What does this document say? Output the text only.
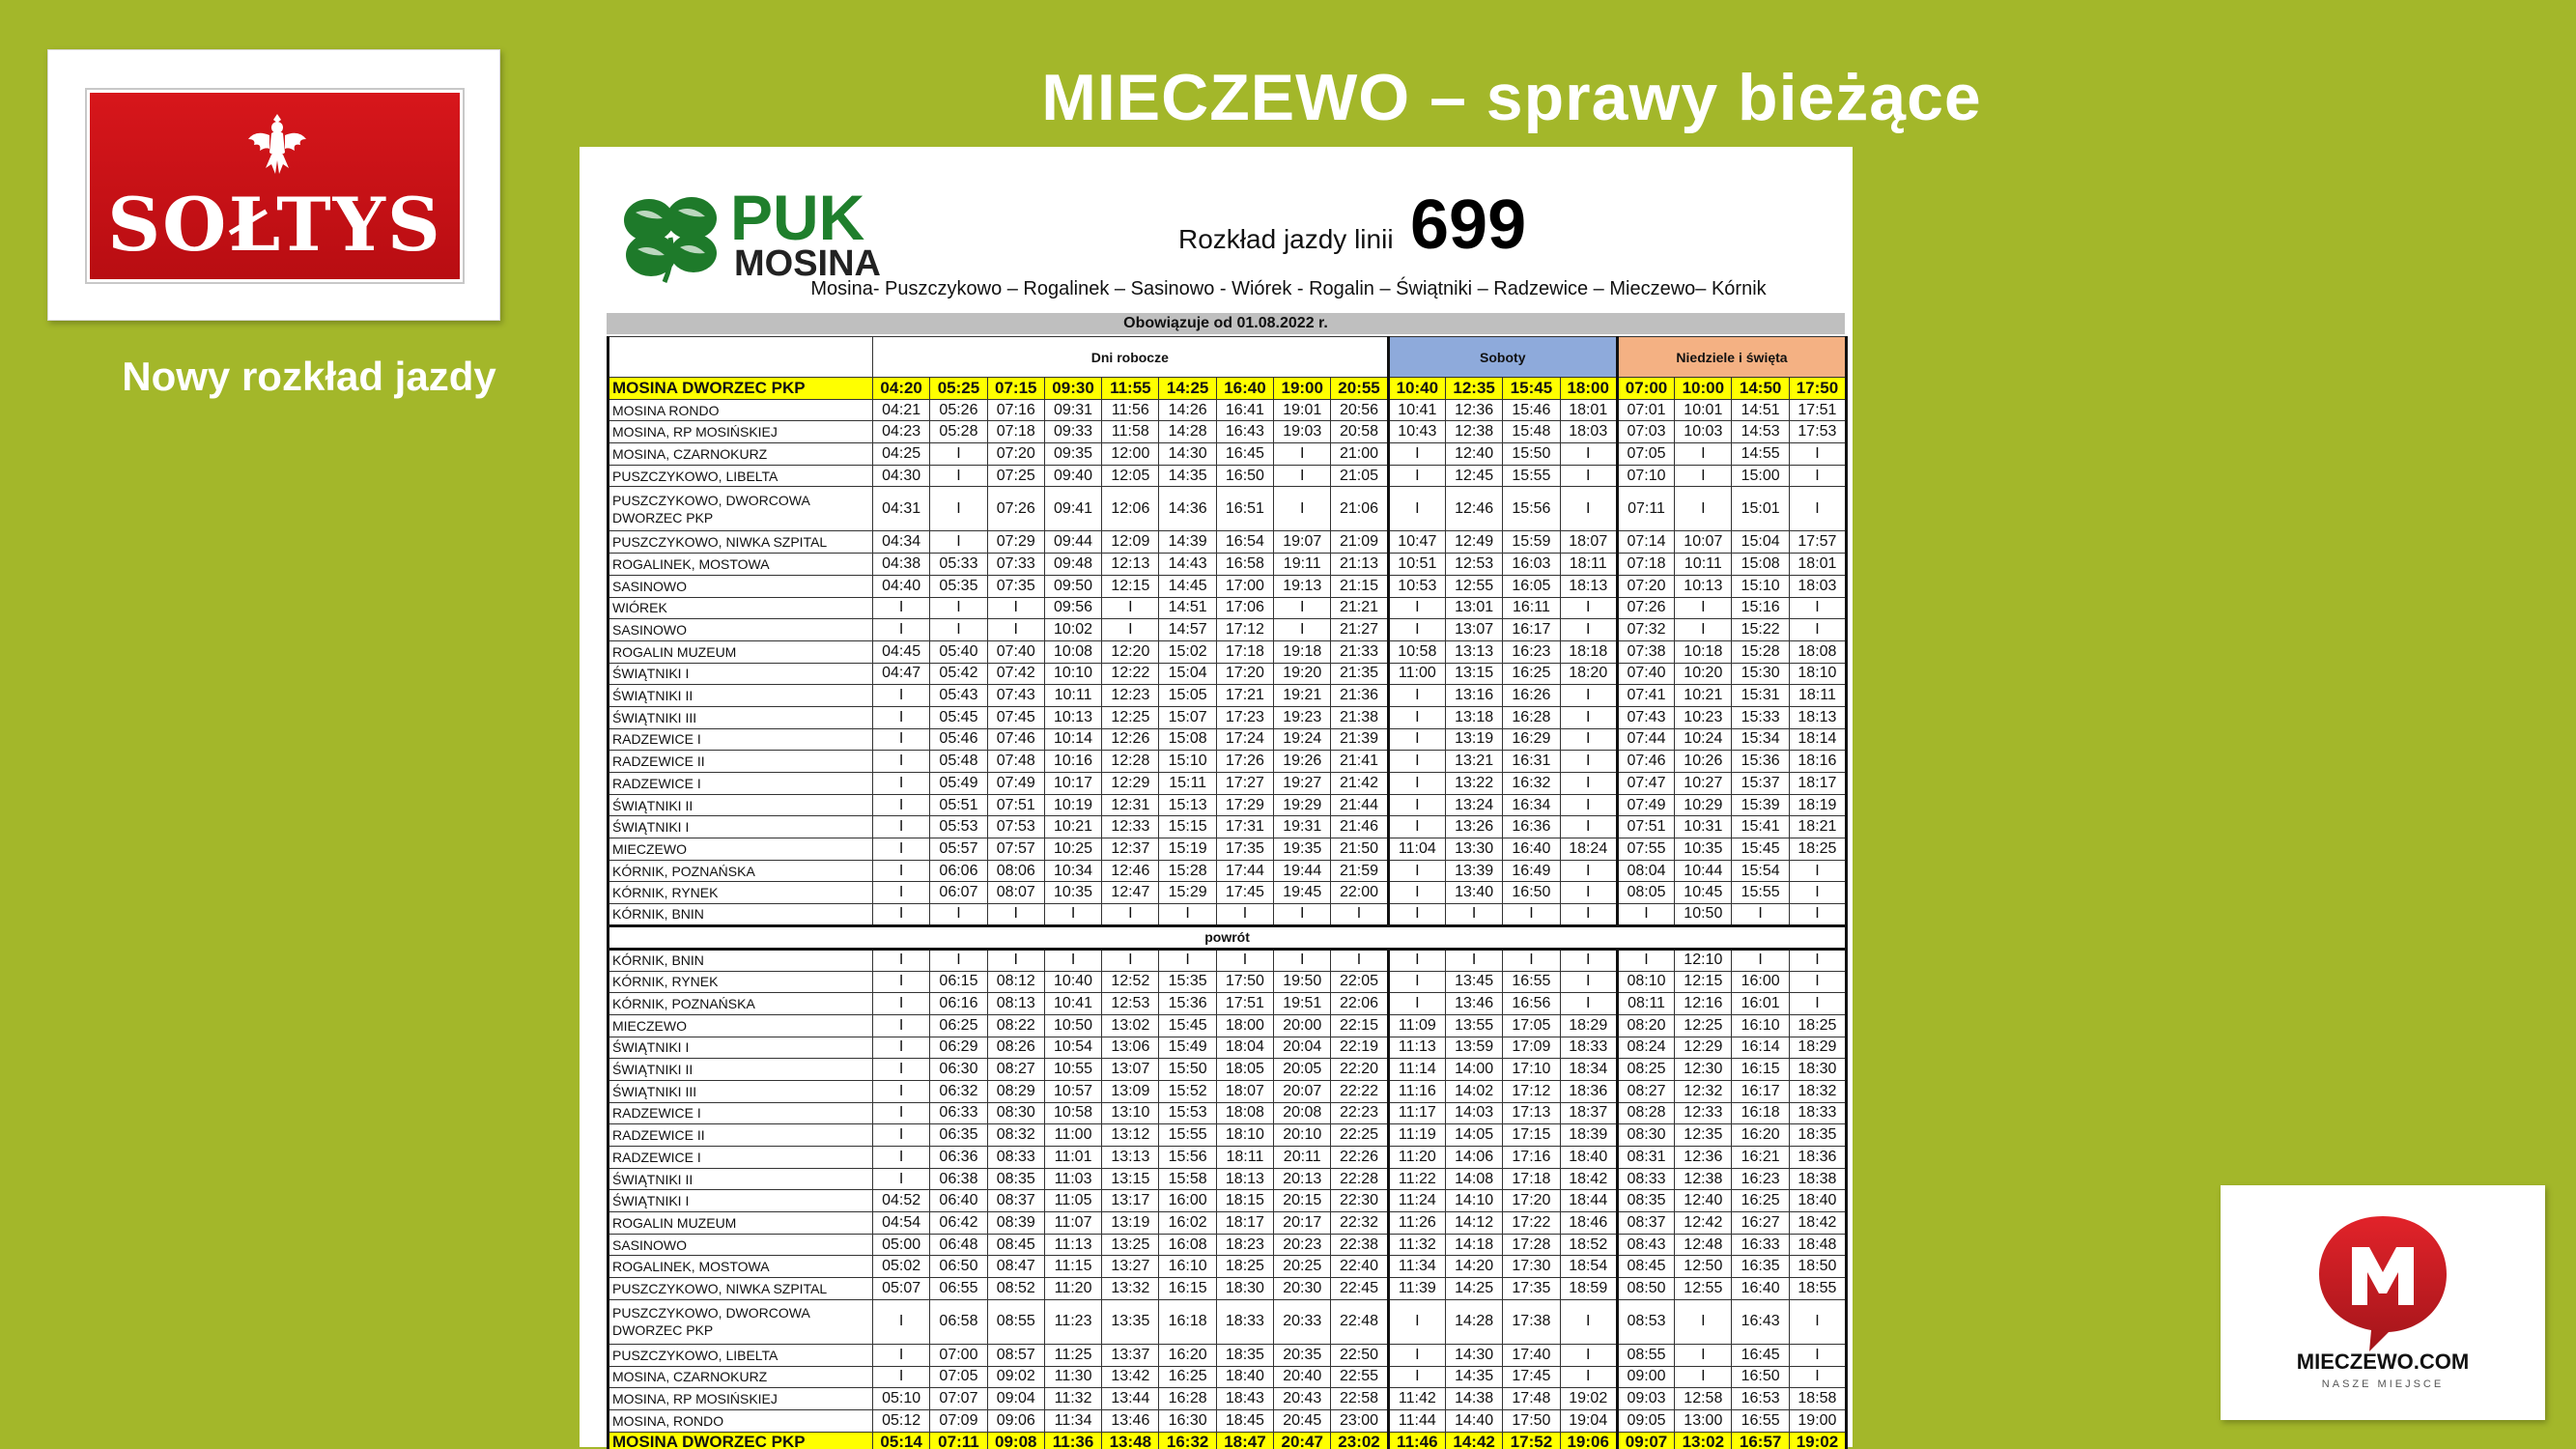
SOŁTYS
MIECZEWO – sprawy bieżące
Nowy rozkład jazdy
PUK
MOSINA
Rozkład jazdy linii 699
Mosina- Puszczykowo – Rogalinek – Sasinowo - Wiórek - Rogalin – Świątniki – Radzewice – Mieczewo– Kórnik
Obowiązuje od 01.08.2022 r.
	Dni robocze									Soboty				Niedziele i święta			
MOSINA DWORZEC PKP	04:20	05:25	07:15	09:30	11:55	14:25	16:40	19:00	20:55	10:40	12:35	15:45	18:00	07:00	10:00	14:50	17:50
MOSINA RONDO	04:21	05:26	07:16	09:31	11:56	14:26	16:41	19:01	20:56	10:41	12:36	15:46	18:01	07:01	10:01	14:51	17:51
MOSINA, RP MOSIŃSKIEJ	04:23	05:28	07:18	09:33	11:58	14:28	16:43	19:03	20:58	10:43	12:38	15:48	18:03	07:03	10:03	14:53	17:53
MOSINA, CZARNOKURZ	04:25	I	07:20	09:35	12:00	14:30	16:45	I	21:00	I	12:40	15:50	I	07:05	I	14:55	I
PUSZCZYKOWO, LIBELTA	04:30	I	07:25	09:40	12:05	14:35	16:50	I	21:05	I	12:45	15:55	I	07:10	I	15:00	I
PUSZCZYKOWO, DWORCOWA DWORZEC PKP	04:31	I	07:26	09:41	12:06	14:36	16:51	I	21:06	I	12:46	15:56	I	07:11	I	15:01	I
PUSZCZYKOWO, NIWKA SZPITAL	04:34	I	07:29	09:44	12:09	14:39	16:54	19:07	21:09	10:47	12:49	15:59	18:07	07:14	10:07	15:04	17:57
ROGALINEK, MOSTOWA	04:38	05:33	07:33	09:48	12:13	14:43	16:58	19:11	21:13	10:51	12:53	16:03	18:11	07:18	10:11	15:08	18:01
SASINOWO	04:40	05:35	07:35	09:50	12:15	14:45	17:00	19:13	21:15	10:53	12:55	16:05	18:13	07:20	10:13	15:10	18:03
WIÓREK	I	I	I	09:56	I	14:51	17:06	I	21:21	I	13:01	16:11	I	07:26	I	15:16	I
SASINOWO	I	I	I	10:02	I	14:57	17:12	I	21:27	I	13:07	16:17	I	07:32	I	15:22	I
ROGALIN MUZEUM	04:45	05:40	07:40	10:08	12:20	15:02	17:18	19:18	21:33	10:58	13:13	16:23	18:18	07:38	10:18	15:28	18:08
ŚWIĄTNIKI I	04:47	05:42	07:42	10:10	12:22	15:04	17:20	19:20	21:35	11:00	13:15	16:25	18:20	07:40	10:20	15:30	18:10
ŚWIĄTNIKI II	I	05:43	07:43	10:11	12:23	15:05	17:21	19:21	21:36	I	13:16	16:26	I	07:41	10:21	15:31	18:11
ŚWIĄTNIKI III	I	05:45	07:45	10:13	12:25	15:07	17:23	19:23	21:38	I	13:18	16:28	I	07:43	10:23	15:33	18:13
RADZEWICE I	I	05:46	07:46	10:14	12:26	15:08	17:24	19:24	21:39	I	13:19	16:29	I	07:44	10:24	15:34	18:14
RADZEWICE II	I	05:48	07:48	10:16	12:28	15:10	17:26	19:26	21:41	I	13:21	16:31	I	07:46	10:26	15:36	18:16
RADZEWICE I	I	05:49	07:49	10:17	12:29	15:11	17:27	19:27	21:42	I	13:22	16:32	I	07:47	10:27	15:37	18:17
ŚWIĄTNIKI II	I	05:51	07:51	10:19	12:31	15:13	17:29	19:29	21:44	I	13:24	16:34	I	07:49	10:29	15:39	18:19
ŚWIĄTNIKI I	I	05:53	07:53	10:21	12:33	15:15	17:31	19:31	21:46	I	13:26	16:36	I	07:51	10:31	15:41	18:21
MIECZEWO	I	05:57	07:57	10:25	12:37	15:19	17:35	19:35	21:50	11:04	13:30	16:40	18:24	07:55	10:35	15:45	18:25
KÓRNIK, POZNAŃSKA	I	06:06	08:06	10:34	12:46	15:28	17:44	19:44	21:59	I	13:39	16:49	I	08:04	10:44	15:54	I
KÓRNIK, RYNEK	I	06:07	08:07	10:35	12:47	15:29	17:45	19:45	22:00	I	13:40	16:50	I	08:05	10:45	15:55	I
KÓRNIK, BNIN	I	I	I	I	I	I	I	I	I	I	I	I	I	I	10:50	I	I
powrót																	
KÓRNIK, BNIN	I	I	I	I	I	I	I	I	I	I	I	I	I	I	12:10	I	I
KÓRNIK, RYNEK	I	06:15	08:12	10:40	12:52	15:35	17:50	19:50	22:05	I	13:45	16:55	I	08:10	12:15	16:00	I
KÓRNIK, POZNAŃSKA	I	06:16	08:13	10:41	12:53	15:36	17:51	19:51	22:06	I	13:46	16:56	I	08:11	12:16	16:01	I
MIECZEWO	I	06:25	08:22	10:50	13:02	15:45	18:00	20:00	22:15	11:09	13:55	17:05	18:29	08:20	12:25	16:10	18:25
ŚWIĄTNIKI I	I	06:29	08:26	10:54	13:06	15:49	18:04	20:04	22:19	11:13	13:59	17:09	18:33	08:24	12:29	16:14	18:29
ŚWIĄTNIKI II	I	06:30	08:27	10:55	13:07	15:50	18:05	20:05	22:20	11:14	14:00	17:10	18:34	08:25	12:30	16:15	18:30
ŚWIĄTNIKI III	I	06:32	08:29	10:57	13:09	15:52	18:07	20:07	22:22	11:16	14:02	17:12	18:36	08:27	12:32	16:17	18:32
RADZEWICE I	I	06:33	08:30	10:58	13:10	15:53	18:08	20:08	22:23	11:17	14:03	17:13	18:37	08:28	12:33	16:18	18:33
RADZEWICE II	I	06:35	08:32	11:00	13:12	15:55	18:10	20:10	22:25	11:19	14:05	17:15	18:39	08:30	12:35	16:20	18:35
RADZEWICE I	I	06:36	08:33	11:01	13:13	15:56	18:11	20:11	22:26	11:20	14:06	17:16	18:40	08:31	12:36	16:21	18:36
ŚWIĄTNIKI II	I	06:38	08:35	11:03	13:15	15:58	18:13	20:13	22:28	11:22	14:08	17:18	18:42	08:33	12:38	16:23	18:38
ŚWIĄTNIKI I	04:52	06:40	08:37	11:05	13:17	16:00	18:15	20:15	22:30	11:24	14:10	17:20	18:44	08:35	12:40	16:25	18:40
ROGALIN MUZEUM	04:54	06:42	08:39	11:07	13:19	16:02	18:17	20:17	22:32	11:26	14:12	17:22	18:46	08:37	12:42	16:27	18:42
SASINOWO	05:00	06:48	08:45	11:13	13:25	16:08	18:23	20:23	22:38	11:32	14:18	17:28	18:52	08:43	12:48	16:33	18:48
ROGALINEK, MOSTOWA	05:02	06:50	08:47	11:15	13:27	16:10	18:25	20:25	22:40	11:34	14:20	17:30	18:54	08:45	12:50	16:35	18:50
PUSZCZYKOWO, NIWKA SZPITAL	05:07	06:55	08:52	11:20	13:32	16:15	18:30	20:30	22:45	11:39	14:25	17:35	18:59	08:50	12:55	16:40	18:55
PUSZCZYKOWO, DWORCOWA DWORZEC PKP	I	06:58	08:55	11:23	13:35	16:18	18:33	20:33	22:48	I	14:28	17:38	I	08:53	I	16:43	I
PUSZCZYKOWO, LIBELTA	I	07:00	08:57	11:25	13:37	16:20	18:35	20:35	22:50	I	14:30	17:40	I	08:55	I	16:45	I
MOSINA, CZARNOKURZ	I	07:05	09:02	11:30	13:42	16:25	18:40	20:40	22:55	I	14:35	17:45	I	09:00	I	16:50	I
MOSINA, RP MOSIŃSKIEJ	05:10	07:07	09:04	11:32	13:44	16:28	18:43	20:43	22:58	11:42	14:38	17:48	19:02	09:03	12:58	16:53	18:58
MOSINA, RONDO	05:12	07:09	09:06	11:34	13:46	16:30	18:45	20:45	23:00	11:44	14:40	17:50	19:04	09:05	13:00	16:55	19:00
MOSINA DWORZEC PKP	05:14	07:11	09:08	11:36	13:48	16:32	18:47	20:47	23:02	11:46	14:42	17:52	19:06	09:07	13:02	16:57	19:02
MIECZEWO.COM
NASZE MIEJSCE
